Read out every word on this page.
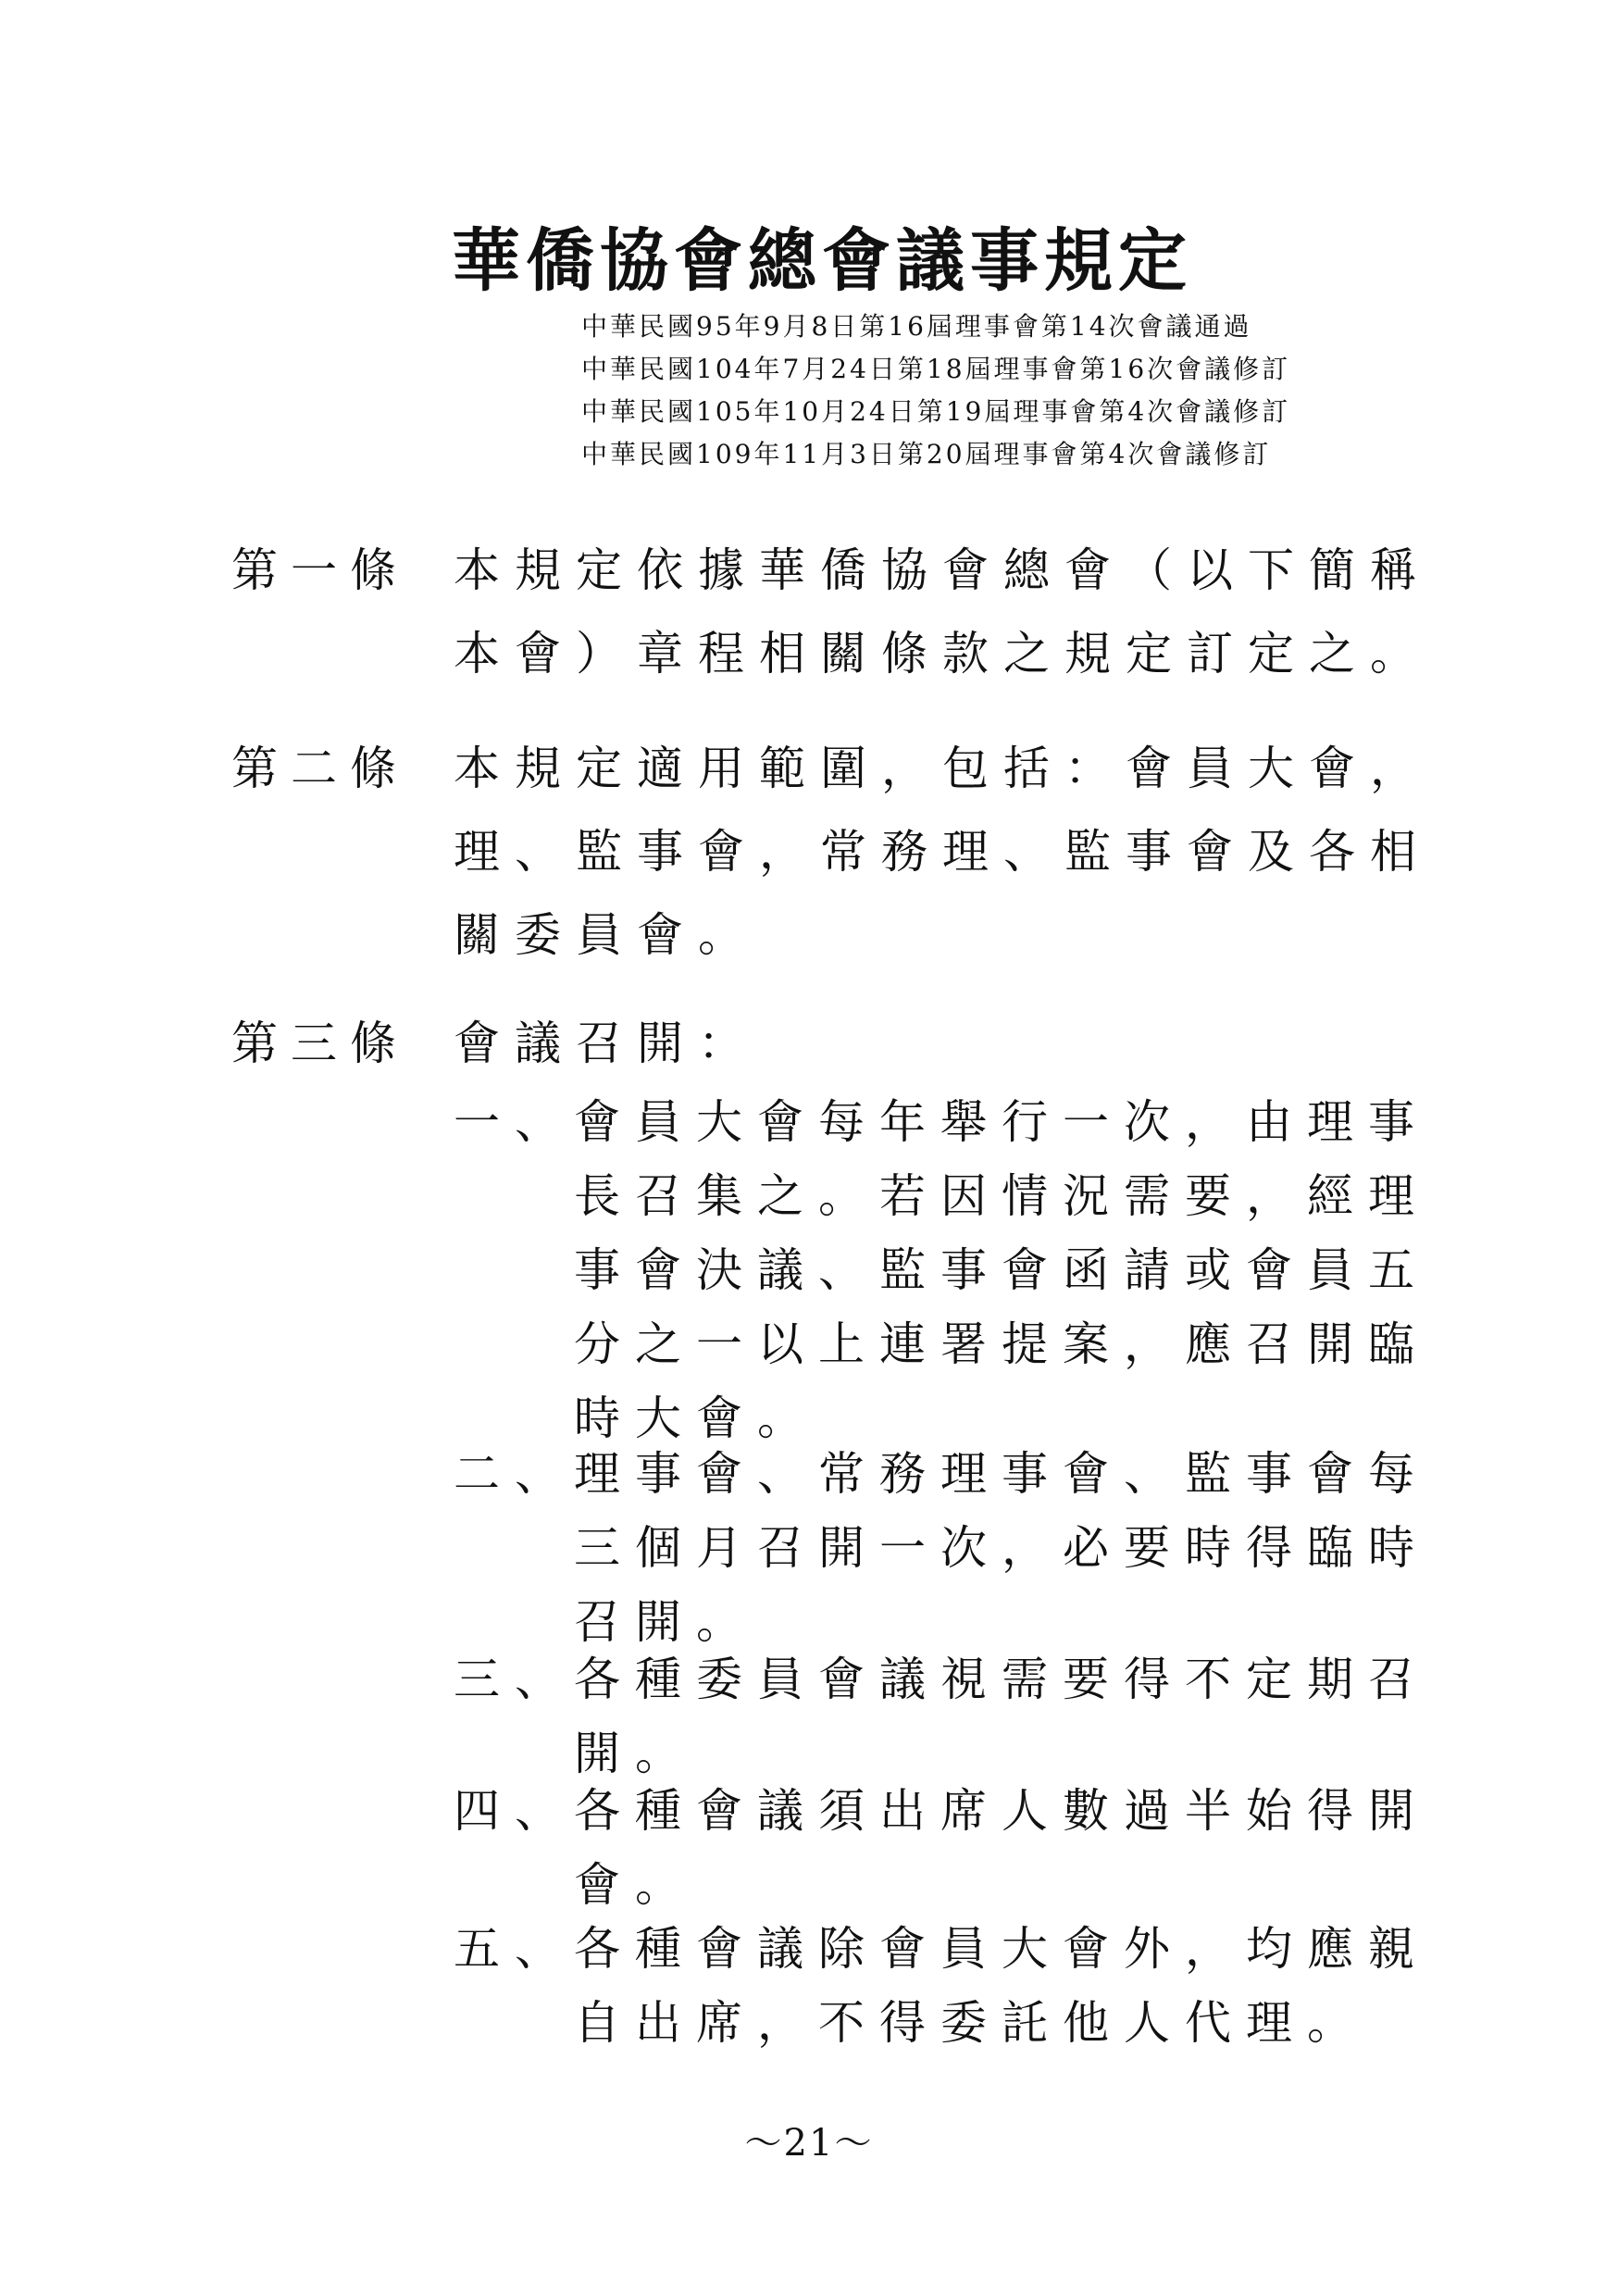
華僑協會總會議事規定
中華民國95年9月8日第16屆理事會第14次會議通過
中華民國104年7月24日第18屆理事會第16次會議修訂
中華民國105年10月24日第19屆理事會第4次會議修訂
中華民國109年11月3日第20屆理事會第4次會議修訂
第一條 本規定依據華僑協會總會（以下簡稱
本會）章程相關條款之規定訂定之。
第二條 本規定適用範圍，包括：會員大會，
理、監事會，常務理、監事會及各相
關委員會。
第三條 會議召開：
一、
會員大會每年舉行一次，由理事
長召集之。若因情況需要，經理
事會決議、監事會函請或會員五
分之一以上連署提案，應召開臨
時大會。
二、
理事會、常務理事會、監事會每
三個月召開一次，必要時得臨時
召開。
三、
各種委員會議視需要得不定期召
開。
四、
各種會議須出席人數過半始得開
會。
五、
各種會議除會員大會外，均應親
自出席，不得委託他人代理。
～21～
